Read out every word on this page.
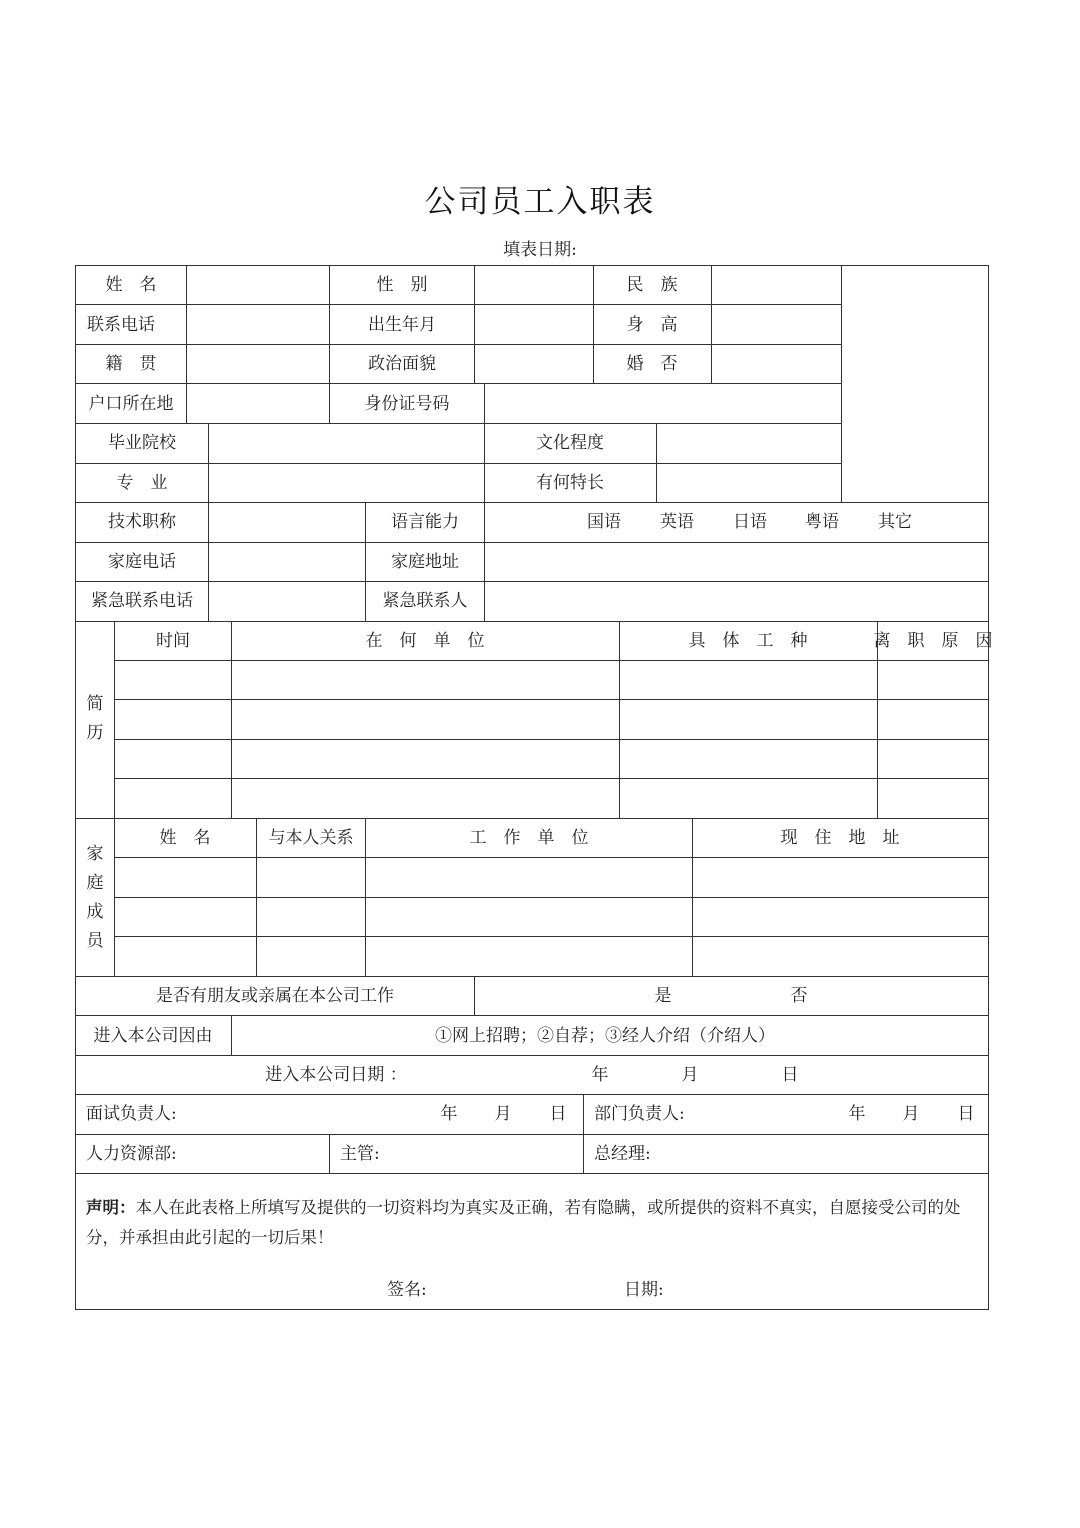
公司员工入职表
填表日期:
姓　名	性　别	民　族
联系电话	出生年月	身　高
籍　贯	政治面貌	婚　否
户口所在地	身份证号码
毕业院校	文化程度
专　业	有何特长
技术职称	语言能力	国语 英语 日语 粤语 其它
家庭电话	家庭地址
紧急联系电话	紧急联系人
简历
时间	在　何　单　位	具　体　工　种	离　职　原　因
家庭成员
姓　名	与本人关系	工　作　单　位	现　住　地　址
是否有朋友或亲属在本公司工作	是	否
进入本公司因由	①网上招聘；②自荐；③经人介绍（介绍人）
进入本公司日期 ：	年	月	日
面试负责人:	年 月 日 部门负责人:	年 月 日
人力资源部:	主管:	总经理:
声明：本人在此表格上所填写及提供的一切资料均为真实及正确，若有隐瞒，或所提供的资料不真实，自愿接受公司的处分，并承担由此引起的一切后果！
签名:	日期:
